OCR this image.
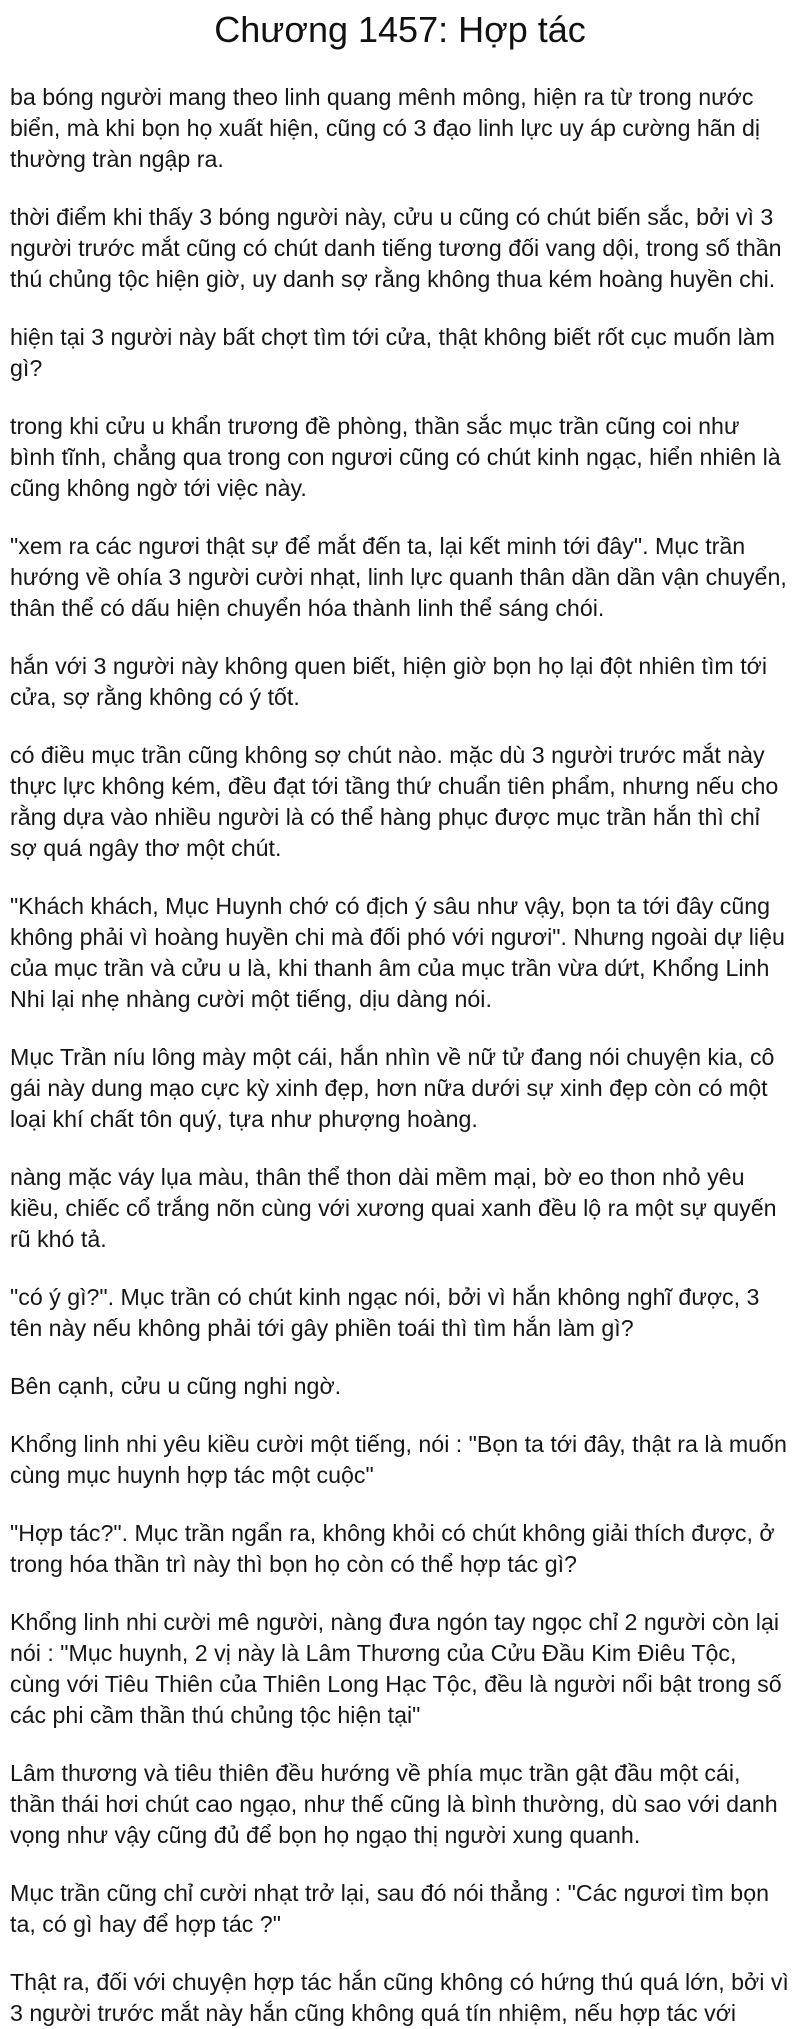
Chương 1457: Hợp tác

ba bóng người mang theo linh quang mênh mông, hiện ra từ trong nước biển, mà khi bọn họ xuất hiện, cũng có 3 đạo linh lực uy áp cường hãn dị thường tràn ngập ra.

thời điểm khi thấy 3 bóng người này, cửu u cũng có chút biến sắc, bởi vì 3 người trước mắt cũng có chút danh tiếng tương đối vang dội, trong số thần thú chủng tộc hiện giờ, uy danh sợ rằng không thua kém hoàng huyền chi.

hiện tại 3 người này bất chợt tìm tới cửa, thật không biết rốt cục muốn làm gì?

trong khi cửu u khẩn trương đề phòng, thần sắc mục trần cũng coi như bình tĩnh, chẳng qua trong con ngươi cũng có chút kinh ngạc, hiển nhiên là cũng không ngờ tới việc này.

"xem ra các ngươi thật sự để mắt đến ta, lại kết minh tới đây". Mục trần hướng về ohía 3 người cười nhạt, linh lực quanh thân dần dần vận chuyển, thân thể có dấu hiện chuyển hóa thành linh thể sáng chói.

hắn với 3 người này không quen biết, hiện giờ bọn họ lại đột nhiên tìm tới cửa, sợ rằng không có ý tốt.

có điều mục trần cũng không sợ chút nào. mặc dù 3 người trước mắt này thực lực không kém, đều đạt tới tầng thứ chuẩn tiên phẩm, nhưng nếu cho rằng dựa vào nhiều người là có thể hàng phục được mục trần hắn thì chỉ sợ quá ngây thơ một chút.

"Khách khách, Mục Huynh chớ có địch ý sâu như vậy, bọn ta tới đây cũng không phải vì hoàng huyền chi mà đối phó với ngươi". Nhưng ngoài dự liệu của mục trần và cửu u là, khi thanh âm của mục trần vừa dứt, Khổng Linh Nhi lại nhẹ nhàng cười một tiếng, dịu dàng nói.

Mục Trần níu lông mày một cái, hắn nhìn về nữ tử đang nói chuyện kia, cô gái này dung mạo cực kỳ xinh đẹp, hơn nữa dưới sự xinh đẹp còn có một loại khí chất tôn quý, tựa như phượng hoàng.

nàng mặc váy lụa màu, thân thể thon dài mềm mại, bờ eo thon nhỏ yêu kiều, chiếc cổ trắng nõn cùng với xương quai xanh đều lộ ra một sự quyến rũ khó tả.

"có ý gì?". Mục trần có chút kinh ngạc nói, bởi vì hắn không nghĩ được, 3 tên này nếu không phải tới gây phiền toái thì tìm hắn làm gì?

Bên cạnh, cửu u cũng nghi ngờ.

Khổng linh nhi yêu kiều cười một tiếng, nói : "Bọn ta tới đây, thật ra là muốn cùng mục huynh hợp tác một cuộc"

"Hợp tác?". Mục trần ngẩn ra, không khỏi có chút không giải thích được, ở trong hóa thần trì này thì bọn họ còn có thể hợp tác gì?

Khổng linh nhi cười mê người, nàng đưa ngón tay ngọc chỉ 2 người còn lại nói : "Mục huynh, 2 vị này là Lâm Thương của Cửu Đầu Kim Điêu Tộc, cùng với Tiêu Thiên của Thiên Long Hạc Tộc, đều là người nổi bật trong số các phi cầm thần thú chủng tộc hiện tại"

Lâm thương và tiêu thiên đều hướng về phía mục trần gật đầu một cái, thần thái hơi chút cao ngạo, như thế cũng là bình thường, dù sao với danh vọng như vậy cũng đủ để bọn họ ngạo thị người xung quanh.

Mục trần cũng chỉ cười nhạt trở lại, sau đó nói thẳng : "Các ngươi tìm bọn ta, có gì hay để hợp tác ?"

Thật ra, đối với chuyện hợp tác hắn cũng không có hứng thú quá lớn, bởi vì 3 người trước mắt này hắn cũng không quá tín nhiệm, nếu hợp tác với
